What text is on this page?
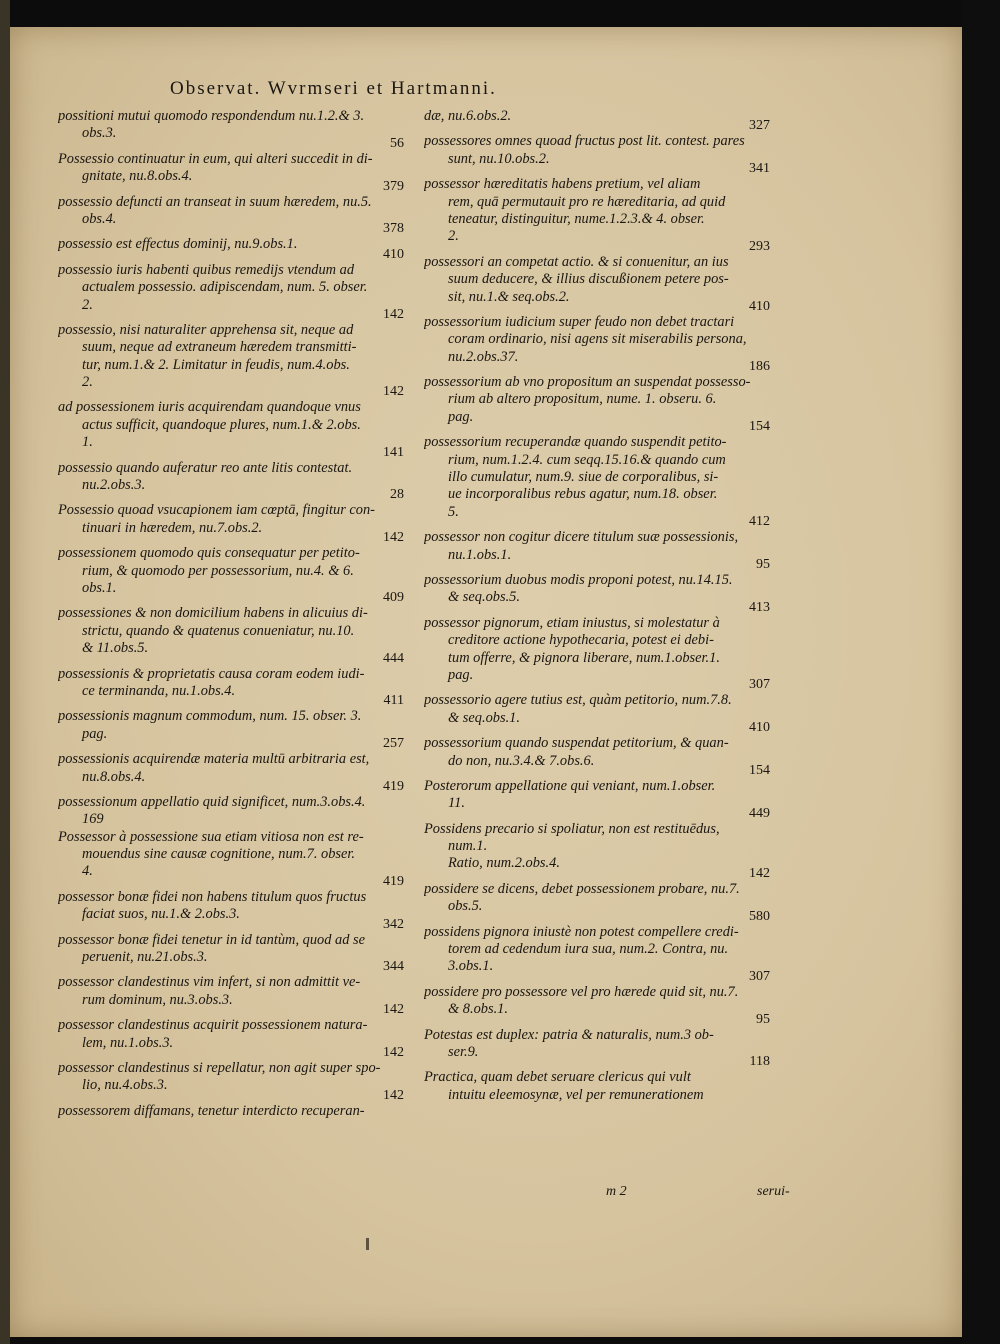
Observat. Wvrmseri et Hartmanni.
possitioni mutui quomodo respondendum nu.1.2.& 3.
obs.3.
56
Possessio continuatur in eum, qui alteri succedit in di-
gnitate, nu.8.obs.4.
379
possessio defuncti an transeat in suum hæredem, nu.5.
obs.4.
378
possessio est effectus dominij, nu.9.obs.1.
410
possessio iuris habenti quibus remedijs vtendum ad
actualem possessio. adipiscendam, num. 5. obser.
2.
142
possessio, nisi naturaliter apprehensa sit, neque ad
suum, neque ad extraneum hæredem transmitti-
tur, num.1.& 2. Limitatur in feudis, num.4.obs.
2.
142
ad possessionem iuris acquirendam quandoque vnus
actus sufficit, quandoque plures, num.1.& 2.obs.
1.
141
possessio quando auferatur reo ante litis contestat.
nu.2.obs.3.
28
Possessio quoad vsucapionem iam cœptā, fingitur con-
tinuari in hæredem, nu.7.obs.2.
142
possessionem quomodo quis consequatur per petito-
rium, & quomodo per possessorium, nu.4. & 6.
obs.1.
409
possessiones & non domicilium habens in alicuius di-
strictu, quando & quatenus conueniatur, nu.10.
& 11.obs.5.
444
possessionis & proprietatis causa coram eodem iudi-
ce terminanda, nu.1.obs.4.
411
possessionis magnum commodum, num. 15. obser. 3.
pag.
257
possessionis acquirendæ materia multū arbitraria est,
nu.8.obs.4.
419
possessionum appellatio quid significet, num.3.obs.4.
169
Possessor à possessione sua etiam vitiosa non est re-
mouendus sine causæ cognitione, num.7. obser.
4.
419
possessor bonæ fidei non habens titulum quos fructus
faciat suos, nu.1.& 2.obs.3.
342
possessor bonæ fidei tenetur in id tantùm, quod ad se
peruenit, nu.21.obs.3.
344
possessor clandestinus vim infert, si non admittit ve-
rum dominum, nu.3.obs.3.
142
possessor clandestinus acquirit possessionem natura-
lem, nu.1.obs.3.
142
possessor clandestinus si repellatur, non agit super spo-
lio, nu.4.obs.3.
142
possessorem diffamans, tenetur interdicto recuperan-
dæ, nu.6.obs.2.
327
possessores omnes quoad fructus post lit. contest. pares
sunt, nu.10.obs.2.
341
possessor hæreditatis habens pretium, vel aliam
rem, quā permutauit pro re hæreditaria, ad quid
teneatur, distinguitur, nume.1.2.3.& 4. obser.
2.
293
possessori an competat actio. & si conuenitur, an ius
suum deducere, & illius discußionem petere pos-
sit, nu.1.& seq.obs.2.
410
possessorium iudicium super feudo non debet tractari
coram ordinario, nisi agens sit miserabilis persona,
nu.2.obs.37.
186
possessorium ab vno propositum an suspendat possesso-
rium ab altero propositum, nume. 1. obseru. 6.
pag.
154
possessorium recuperandæ quando suspendit petito-
rium, num.1.2.4. cum seqq.15.16.& quando cum
illo cumulatur, num.9. siue de corporalibus, si-
ue incorporalibus rebus agatur, num.18. obser.
5.
412
possessor non cogitur dicere titulum suæ possessionis,
nu.1.obs.1.
95
possessorium duobus modis proponi potest, nu.14.15.
& seq.obs.5.
413
possessor pignorum, etiam iniustus, si molestatur à
creditore actione hypothecaria, potest ei debi-
tum offerre, & pignora liberare, num.1.obser.1.
pag.
307
possessorio agere tutius est, quàm petitorio, num.7.8.
& seq.obs.1.
410
possessorium quando suspendat petitorium, & quan-
do non, nu.3.4.& 7.obs.6.
154
Posterorum appellatione qui veniant, num.1.obser.
11.
449
Possidens precario si spoliatur, non est restituēdus,
num.1.
Ratio, num.2.obs.4.
142
possidere se dicens, debet possessionem probare, nu.7.
obs.5.
580
possidens pignora iniustè non potest compellere credi-
torem ad cedendum iura sua, num.2. Contra, nu.
3.obs.1.
307
possidere pro possessore vel pro hærede quid sit, nu.7.
& 8.obs.1.
95
Potestas est duplex: patria & naturalis, num.3 ob-
ser.9.
118
Practica, quam debet seruare clericus qui vult
intuitu eleemosynæ, vel per remunerationem
m 2	serui-
